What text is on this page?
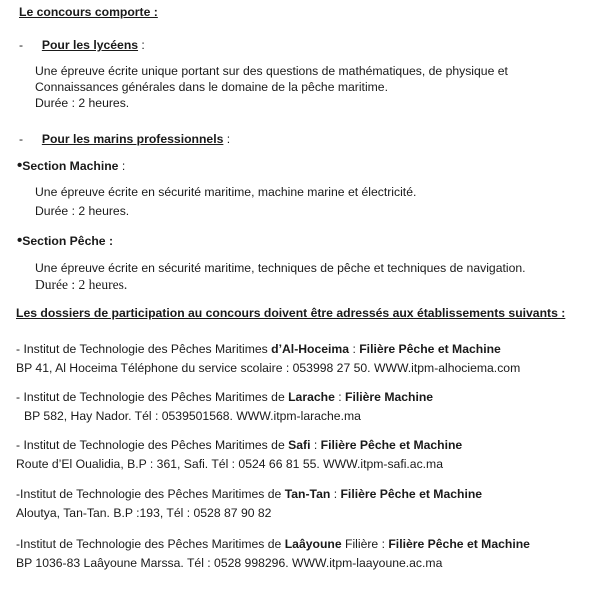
Le concours comporte :
- Pour les lycéens :
Une épreuve écrite unique portant sur des questions de mathématiques, de physique et
Connaissances générales dans le domaine de la pêche maritime.
Durée : 2 heures.
- Pour les marins professionnels :
•Section Machine :
Une épreuve écrite en sécurité maritime, machine marine et électricité.
Durée : 2 heures.
•Section Pêche :
Une épreuve écrite en sécurité maritime, techniques de pêche et techniques de navigation.
Durée : 2 heures.
Les dossiers de participation au concours doivent être adressés aux établissements suivants :
- Institut de Technologie des Pêches Maritimes d’Al-Hoceima : Filière Pêche et Machine
BP 41, Al Hoceima Téléphone du service scolaire : 053998 27 50. WWW.itpm-alhociema.com
- Institut de Technologie des Pêches Maritimes de Larache : Filière Machine
BP 582, Hay Nador. Tél : 0539501568. WWW.itpm-larache.ma
- Institut de Technologie des Pêches Maritimes de Safi : Filière Pêche et Machine
Route d’El Oualidia, B.P : 361, Safi. Tél : 0524 66 81 55. WWW.itpm-safi.ac.ma
-Institut de Technologie des Pêches Maritimes de Tan-Tan : Filière Pêche et Machine
Aloutya, Tan-Tan. B.P :193, Tél : 0528 87 90 82
-Institut de Technologie des Pêches Maritimes de Laâyoune Filière : Filière Pêche et Machine
BP 1036-83 Laâyoune Marssa. Tél : 0528 998296. WWW.itpm-laayoune.ac.ma
